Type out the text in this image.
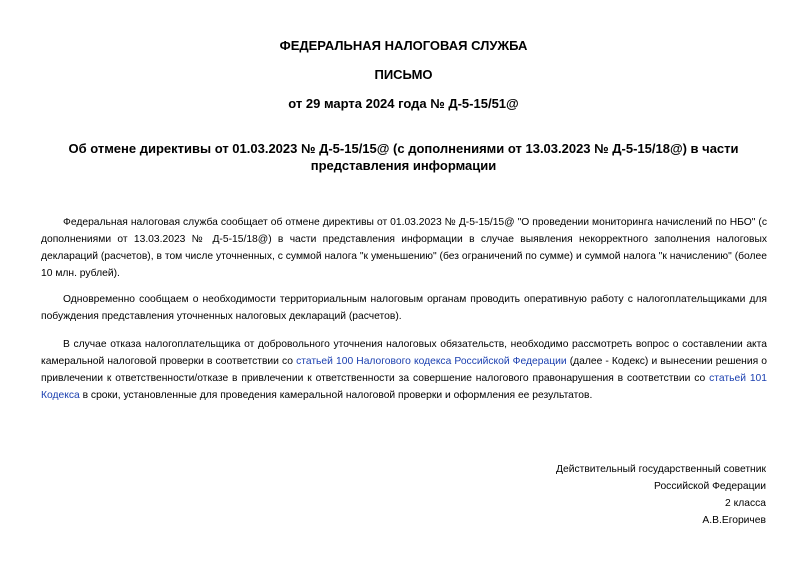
ФЕДЕРАЛЬНАЯ НАЛОГОВАЯ СЛУЖБА

ПИСЬМО

от 29 марта 2024 года № Д-5-15/51@

Об отмене директивы от 01.03.2023 № Д-5-15/15@ (с дополнениями от 13.03.2023 № Д-5-15/18@) в части представления информации

Федеральная налоговая служба сообщает об отмене директивы от 01.03.2023 № Д-5-15/15@ "О проведении мониторинга начислений по НБО" (с дополнениями от 13.03.2023 № Д-5-15/18@) в части представления информации в случае выявления некорректного заполнения налоговых деклараций (расчетов), в том числе уточненных, с суммой налога "к уменьшению" (без ограничений по сумме) и суммой налога "к начислению" (более 10 млн. рублей).

Одновременно сообщаем о необходимости территориальным налоговым органам проводить оперативную работу с налогоплательщиками для побуждения представления уточненных налоговых деклараций (расчетов).

В случае отказа налогоплательщика от добровольного уточнения налоговых обязательств, необходимо рассмотреть вопрос о составлении акта камеральной налоговой проверки в соответствии со статьей 100 Налогового кодекса Российской Федерации (далее - Кодекс) и вынесении решения о привлечении к ответственности/отказе в привлечении к ответственности за совершение налогового правонарушения в соответствии со статьей 101 Кодекса в сроки, установленные для проведения камеральной налоговой проверки и оформления ее результатов.

Действительный государственный советник
Российской Федерации
2 класса
А.В.Егоричев
